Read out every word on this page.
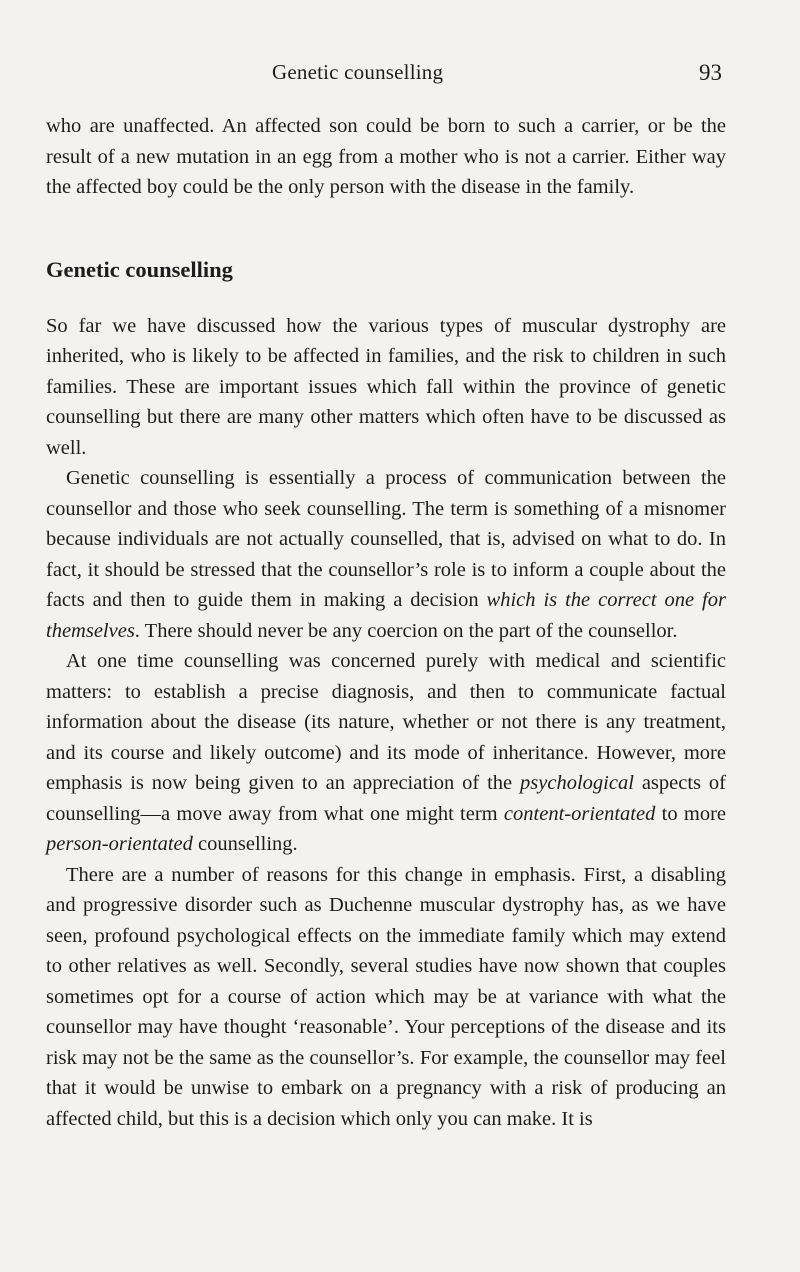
Genetic counselling	93

who are unaffected. An affected son could be born to such a carrier, or be the result of a new mutation in an egg from a mother who is not a carrier. Either way the affected boy could be the only person with the disease in the family.

Genetic counselling

So far we have discussed how the various types of muscular dystrophy are inherited, who is likely to be affected in families, and the risk to children in such families. These are important issues which fall within the province of genetic counselling but there are many other matters which often have to be discussed as well.

Genetic counselling is essentially a process of communication between the counsellor and those who seek counselling. The term is something of a misnomer because individuals are not actually counselled, that is, advised on what to do. In fact, it should be stressed that the counsellor’s role is to inform a couple about the facts and then to guide them in making a decision which is the correct one for themselves. There should never be any coercion on the part of the counsellor.

At one time counselling was concerned purely with medical and scientific matters: to establish a precise diagnosis, and then to communicate factual information about the disease (its nature, whether or not there is any treatment, and its course and likely outcome) and its mode of inheritance. However, more emphasis is now being given to an appreciation of the psychological aspects of counselling—a move away from what one might term content-orientated to more person-orientated counselling.

There are a number of reasons for this change in emphasis. First, a disabling and progressive disorder such as Duchenne muscular dystrophy has, as we have seen, profound psychological effects on the immediate family which may extend to other relatives as well. Secondly, several studies have now shown that couples sometimes opt for a course of action which may be at variance with what the counsellor may have thought ‘reasonable’. Your perceptions of the disease and its risk may not be the same as the counsellor’s. For example, the counsellor may feel that it would be unwise to embark on a pregnancy with a risk of producing an affected child, but this is a decision which only you can make. It is
